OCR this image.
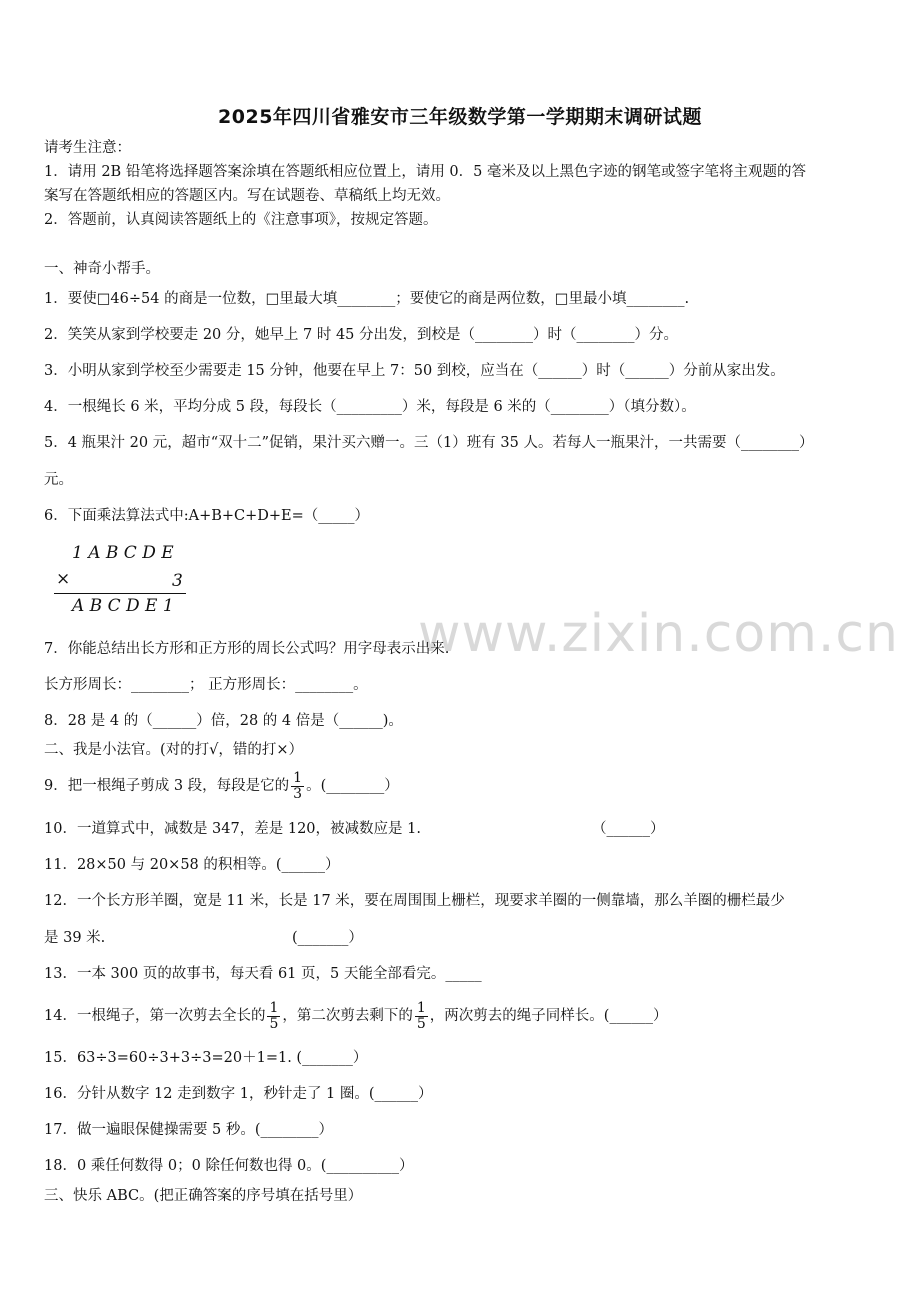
2025年四川省雅安市三年级数学第一学期期末调研试题
请考生注意：
1．请用 2B 铅笔将选择题答案涂填在答题纸相应位置上，请用 0．5 毫米及以上黑色字迹的钢笔或签字笔将主观题的答
案写在答题纸相应的答题区内。写在试题卷、草稿纸上均无效。
2．答题前，认真阅读答题纸上的《注意事项》，按规定答题。
一、神奇小帮手。
1．要使□46÷54 的商是一位数，□里最大填________；要使它的商是两位数，□里最小填________.
2．笑笑从家到学校要走 20 分，她早上 7 时 45 分出发，到校是（________）时（________）分。
3．小明从家到学校至少需要走 15 分钟，他要在早上 7：50 到校，应当在（______）时（______）分前从家出发。
4．一根绳长 6 米，平均分成 5 段，每段长（_________）米，每段是 6 米的（________）（填分数）。
5．4 瓶果汁 20 元，超市“双十二”促销，果汁买六赠一。三（1）班有 35 人。若每人一瓶果汁，一共需要（________）
元。
6．下面乘法算法式中:A+B+C+D+E=（_____）
1 A B C D E
×	3
A B C D E 1	www.zixin.com.cn
7．你能总结出长方形和正方形的周长公式吗？用字母表示出来.
长方形周长：________； 正方形周长：________。
8．28 是 4 的（______）倍，28 的 4 倍是（______)。
二、我是小法官。(对的打√，错的打×）
9．把一根绳子剪成 3 段，每段是它的 $\frac{1}{3}$ 。(________）
10．一道算式中，减数是 347，差是 120，被减数应是 1.	（______）
11．28×50 与 20×58 的积相等。(______）
12．一个长方形羊圈，宽是 11 米，长是 17 米，要在周围围上栅栏，现要求羊圈的一侧靠墙，那么羊圈的栅栏最少
是 39 米.	(_______）
13．一本 300 页的故事书，每天看 61 页，5 天能全部看完。_____
14．一根绳子，第一次剪去全长的 $\frac{1}{5}$ ，第二次剪去剩下的 $\frac{1}{5}$ ，两次剪去的绳子同样长。(______）
15．63÷3=60÷3+3÷3=20＋1=1. (_______）
16．分针从数字 12 走到数字 1，秒针走了 1 圈。(______）
17．做一遍眼保健操需要 5 秒。(________）
18．0 乘任何数得 0；0 除任何数也得 0。(__________）
三、快乐 ABC。(把正确答案的序号填在括号里）
